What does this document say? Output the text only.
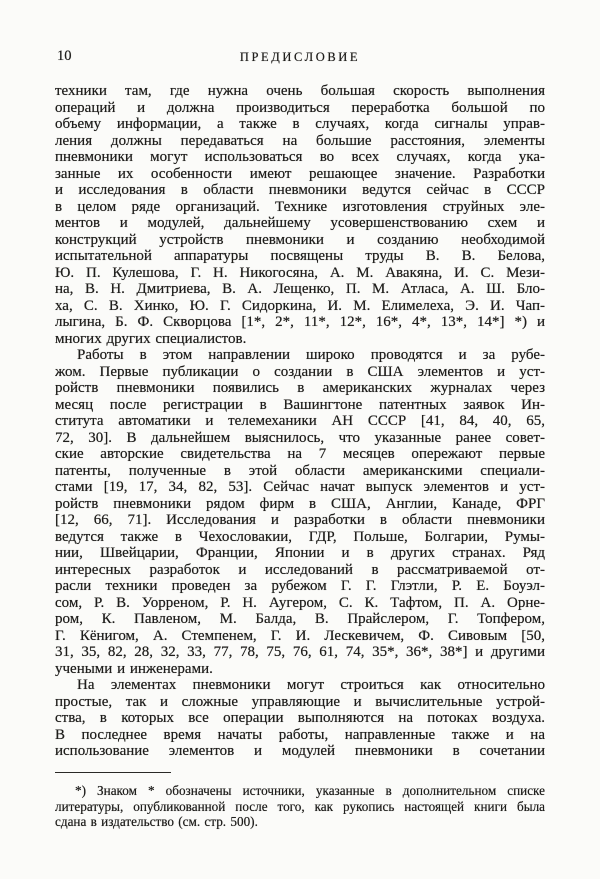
10	ПРЕДИСЛОВИЕ
техники там, где нужна очень большая скорость выполнения
операций и должна производиться переработка большой по
объему информации, а также в случаях, когда сигналы управ-
ления должны передаваться на большие расстояния, элементы
пневмоники могут использоваться во всех случаях, когда ука-
занные их особенности имеют решающее значение. Разработки
и исследования в области пневмоники ведутся сейчас в СССР
в целом ряде организаций. Технике изготовления струйных эле-
ментов и модулей, дальнейшему усовершенствованию схем и
конструкций устройств пневмоники и созданию необходимой
испытательной аппаратуры посвящены труды В. В. Белова,
Ю. П. Кулешова, Г. Н. Никогосяна, А. М. Авакяна, И. С. Мези-
на, В. Н. Дмитриева, В. А. Лещенко, П. М. Атласа, А. Ш. Бло-
ха, С. В. Хинко, Ю. Г. Сидоркина, И. М. Елимелеха, Э. И. Чап-
лыгина, Б. Ф. Скворцова [1*, 2*, 11*, 12*, 16*, 4*, 13*, 14*] *) и
многих других специалистов.
Работы в этом направлении широко проводятся и за рубе-
жом. Первые публикации о создании в США элементов и уст-
ройств пневмоники появились в американских журналах через
месяц после регистрации в Вашингтоне патентных заявок Ин-
ститута автоматики и телемеханики АН СССР [41, 84, 40, 65,
72, 30]. В дальнейшем выяснилось, что указанные ранее совет-
ские авторские свидетельства на 7 месяцев опережают первые
патенты, полученные в этой области американскими специали-
стами [19, 17, 34, 82, 53]. Сейчас начат выпуск элементов и уст-
ройств пневмоники рядом фирм в США, Англии, Канаде, ФРГ
[12, 66, 71]. Исследования и разработки в области пневмоники
ведутся также в Чехословакии, ГДР, Польше, Болгарии, Румы-
нии, Швейцарии, Франции, Японии и в других странах. Ряд
интересных разработок и исследований в рассматриваемой от-
расли техники проведен за рубежом Г. Г. Глэтли, Р. Е. Боуэл-
сом, Р. В. Уорреном, Р. Н. Аугером, С. К. Тафтом, П. А. Орне-
ром, К. Павленом, М. Балда, В. Прайслером, Г. Топфером,
Г. Кёнигом, А. Стемпенем, Г. И. Лескевичем, Ф. Сивовым [50,
31, 35, 82, 28, 32, 33, 77, 78, 75, 76, 61, 74, 35*, 36*, 38*] и другими
учеными и инженерами.
На элементах пневмоники могут строиться как относительно
простые, так и сложные управляющие и вычислительные устрой-
ства, в которых все операции выполняются на потоках воздуха.
В последнее время начаты работы, направленные также и на
использование элементов и модулей пневмоники в сочетании
*) Знаком * обозначены источники, указанные в дополнительном списке
литературы, опубликованной после того, как рукопись настоящей книги была
сдана в издательство (см. стр. 500).
